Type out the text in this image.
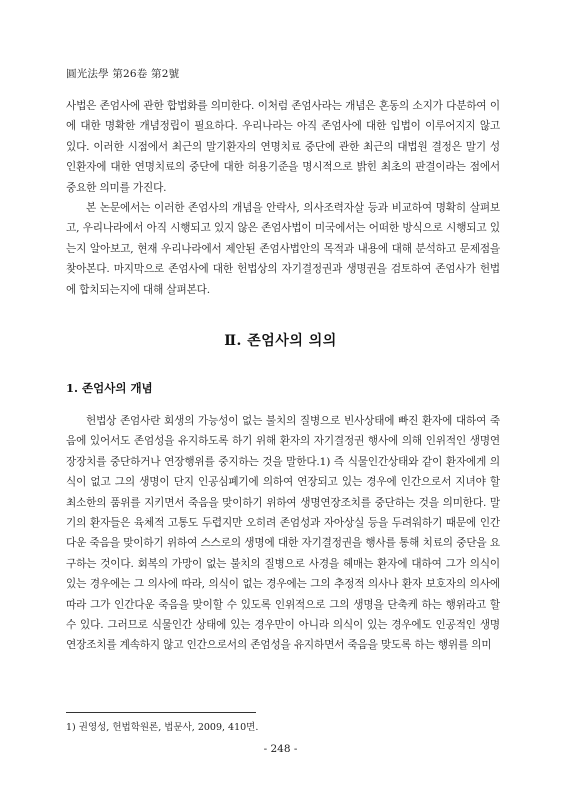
圓光法學 第26卷 第2號

사법은 존엄사에 관한 합법화를 의미한다. 이처럼 존엄사라는 개념은 혼동의 소지가 다분하여 이에 대한 명확한 개념정립이 필요하다. 우리나라는 아직 존엄사에 대한 입법이 이루어지지 않고 있다. 이러한 시점에서 최근의 말기환자의 연명치료 중단에 관한 최근의 대법원 결정은 말기 성인환자에 대한 연명치료의 중단에 대한 허용기준을 명시적으로 밝힌 최초의 판결이라는 점에서 중요한 의미를 가진다.

본 논문에서는 이러한 존엄사의 개념을 안락사, 의사조력자살 등과 비교하여 명확히 살펴보고, 우리나라에서 아직 시행되고 있지 않은 존엄사법이 미국에서는 어떠한 방식으로 시행되고 있는지 알아보고, 현재 우리나라에서 제안된 존엄사법안의 목적과 내용에 대해 분석하고 문제점을 찾아본다. 마지막으로 존엄사에 대한 헌법상의 자기결정권과 생명권을 검토하여 존엄사가 헌법에 합치되는지에 대해 살펴본다.

Ⅱ. 존엄사의 의의
1. 존엄사의 개념

헌법상 존엄사란 회생의 가능성이 없는 불치의 질병으로 빈사상태에 빠진 환자에 대하여 죽음에 있어서도 존엄성을 유지하도록 하기 위해 환자의 자기결정권 행사에 의해 인위적인 생명연장장치를 중단하거나 연장행위를 중지하는 것을 말한다.1) 즉 식물인간상태와 같이 환자에게 의식이 없고 그의 생명이 단지 인공심폐기에 의하여 연장되고 있는 경우에 인간으로서 지녀야 할 최소한의 품위를 지키면서 죽음을 맞이하기 위하여 생명연장조치를 중단하는 것을 의미한다. 말기의 환자들은 육체적 고통도 두렵지만 오히려 존엄성과 자아상실 등을 두려워하기 때문에 인간다운 죽음을 맞이하기 위하여 스스로의 생명에 대한 자기결정권을 행사를 통해 치료의 중단을 요구하는 것이다. 회복의 가망이 없는 불치의 질병으로 사경을 헤매는 환자에 대하여 그가 의식이 있는 경우에는 그 의사에 따라, 의식이 없는 경우에는 그의 추정적 의사나 환자 보호자의 의사에 따라 그가 인간다운 죽음을 맞이할 수 있도록 인위적으로 그의 생명을 단축케 하는 행위라고 할 수 있다. 그러므로 식물인간 상태에 있는 경우만이 아니라 의식이 있는 경우에도 인공적인 생명연장조치를 계속하지 않고 인간으로서의 존엄성을 유지하면서 죽음을 맞도록 하는 행위를 의미

1) 권영성, 헌법학원론, 법문사, 2009, 410면.
- 248 -
